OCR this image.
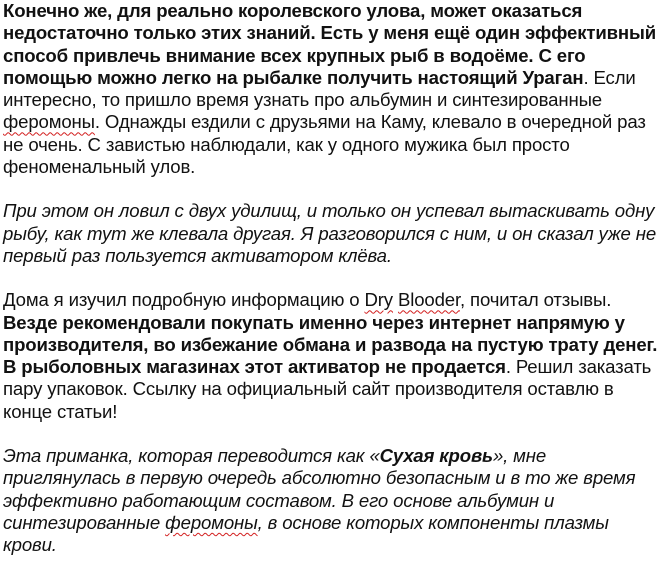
Конечно же, для реально королевского улова, может оказаться недостаточно только этих знаний. Есть у меня ещё один эффективный способ привлечь внимание всех крупных рыб в водоёме. С его помощью можно легко на рыбалке получить настоящий Ураган. Если интересно, то пришло время узнать про альбумин и синтезированные феромоны. Однажды ездили с друзьями на Каму, клевало в очередной раз не очень. С завистью наблюдали, как у одного мужика был просто феноменальный улов.

При этом он ловил с двух удилищ, и только он успевал вытаскивать одну рыбу, как тут же клевала другая. Я разговорился с ним, и он сказал уже не первый раз пользуется активатором клёва.

Дома я изучил подробную информацию о Dry Blooder, почитал отзывы. Везде рекомендовали покупать именно через интернет напрямую у производителя, во избежание обмана и развода на пустую трату денег. В рыболовных магазинах этот активатор не продается. Решил заказать пару упаковок. Ссылку на официальный сайт производителя оставлю в конце статьи!

Эта приманка, которая переводится как «Сухая кровь», мне приглянулась в первую очередь абсолютно безопасным и в то же время эффективно работающим составом. В его основе альбумин и синтезированные феромоны, в основе которых компоненты плазмы крови.
